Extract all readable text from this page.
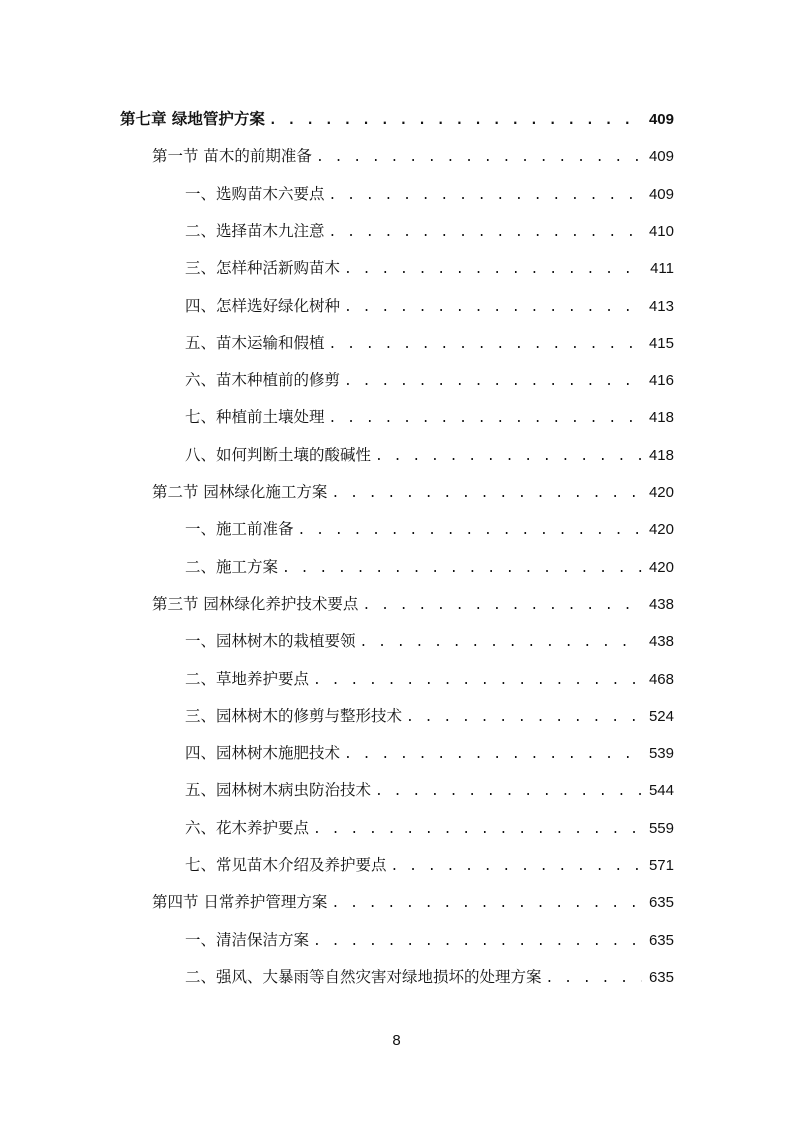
第七章 绿地管护方案 . . .	409
第一节 苗木的前期准备 . . .	409
一、选购苗木六要点 . . .	409
二、选择苗木九注意 . . .	410
三、怎样种活新购苗木 . . .	411
四、怎样选好绿化树种 . . .	413
五、苗木运输和假植 . . .	415
六、苗木种植前的修剪 . . .	416
七、种植前土壤处理 . . .	418
八、如何判断土壤的酸碱性 . . .	418
第二节 园林绿化施工方案 . . .	420
一、施工前准备 . . .	420
二、施工方案 . . .	420
第三节 园林绿化养护技术要点 . . .	438
一、园林树木的栽植要领 . . .	438
二、草地养护要点 . . .	468
三、园林树木的修剪与整形技术 . . .	524
四、园林树木施肥技术 . . .	539
五、园林树木病虫防治技术 . . .	544
六、花木养护要点 . . .	559
七、常见苗木介绍及养护要点 . . .	571
第四节 日常养护管理方案 . . .	635
一、清洁保洁方案 . . .	635
二、强风、大暴雨等自然灾害对绿地损坏的处理方案 . . .	635
8
